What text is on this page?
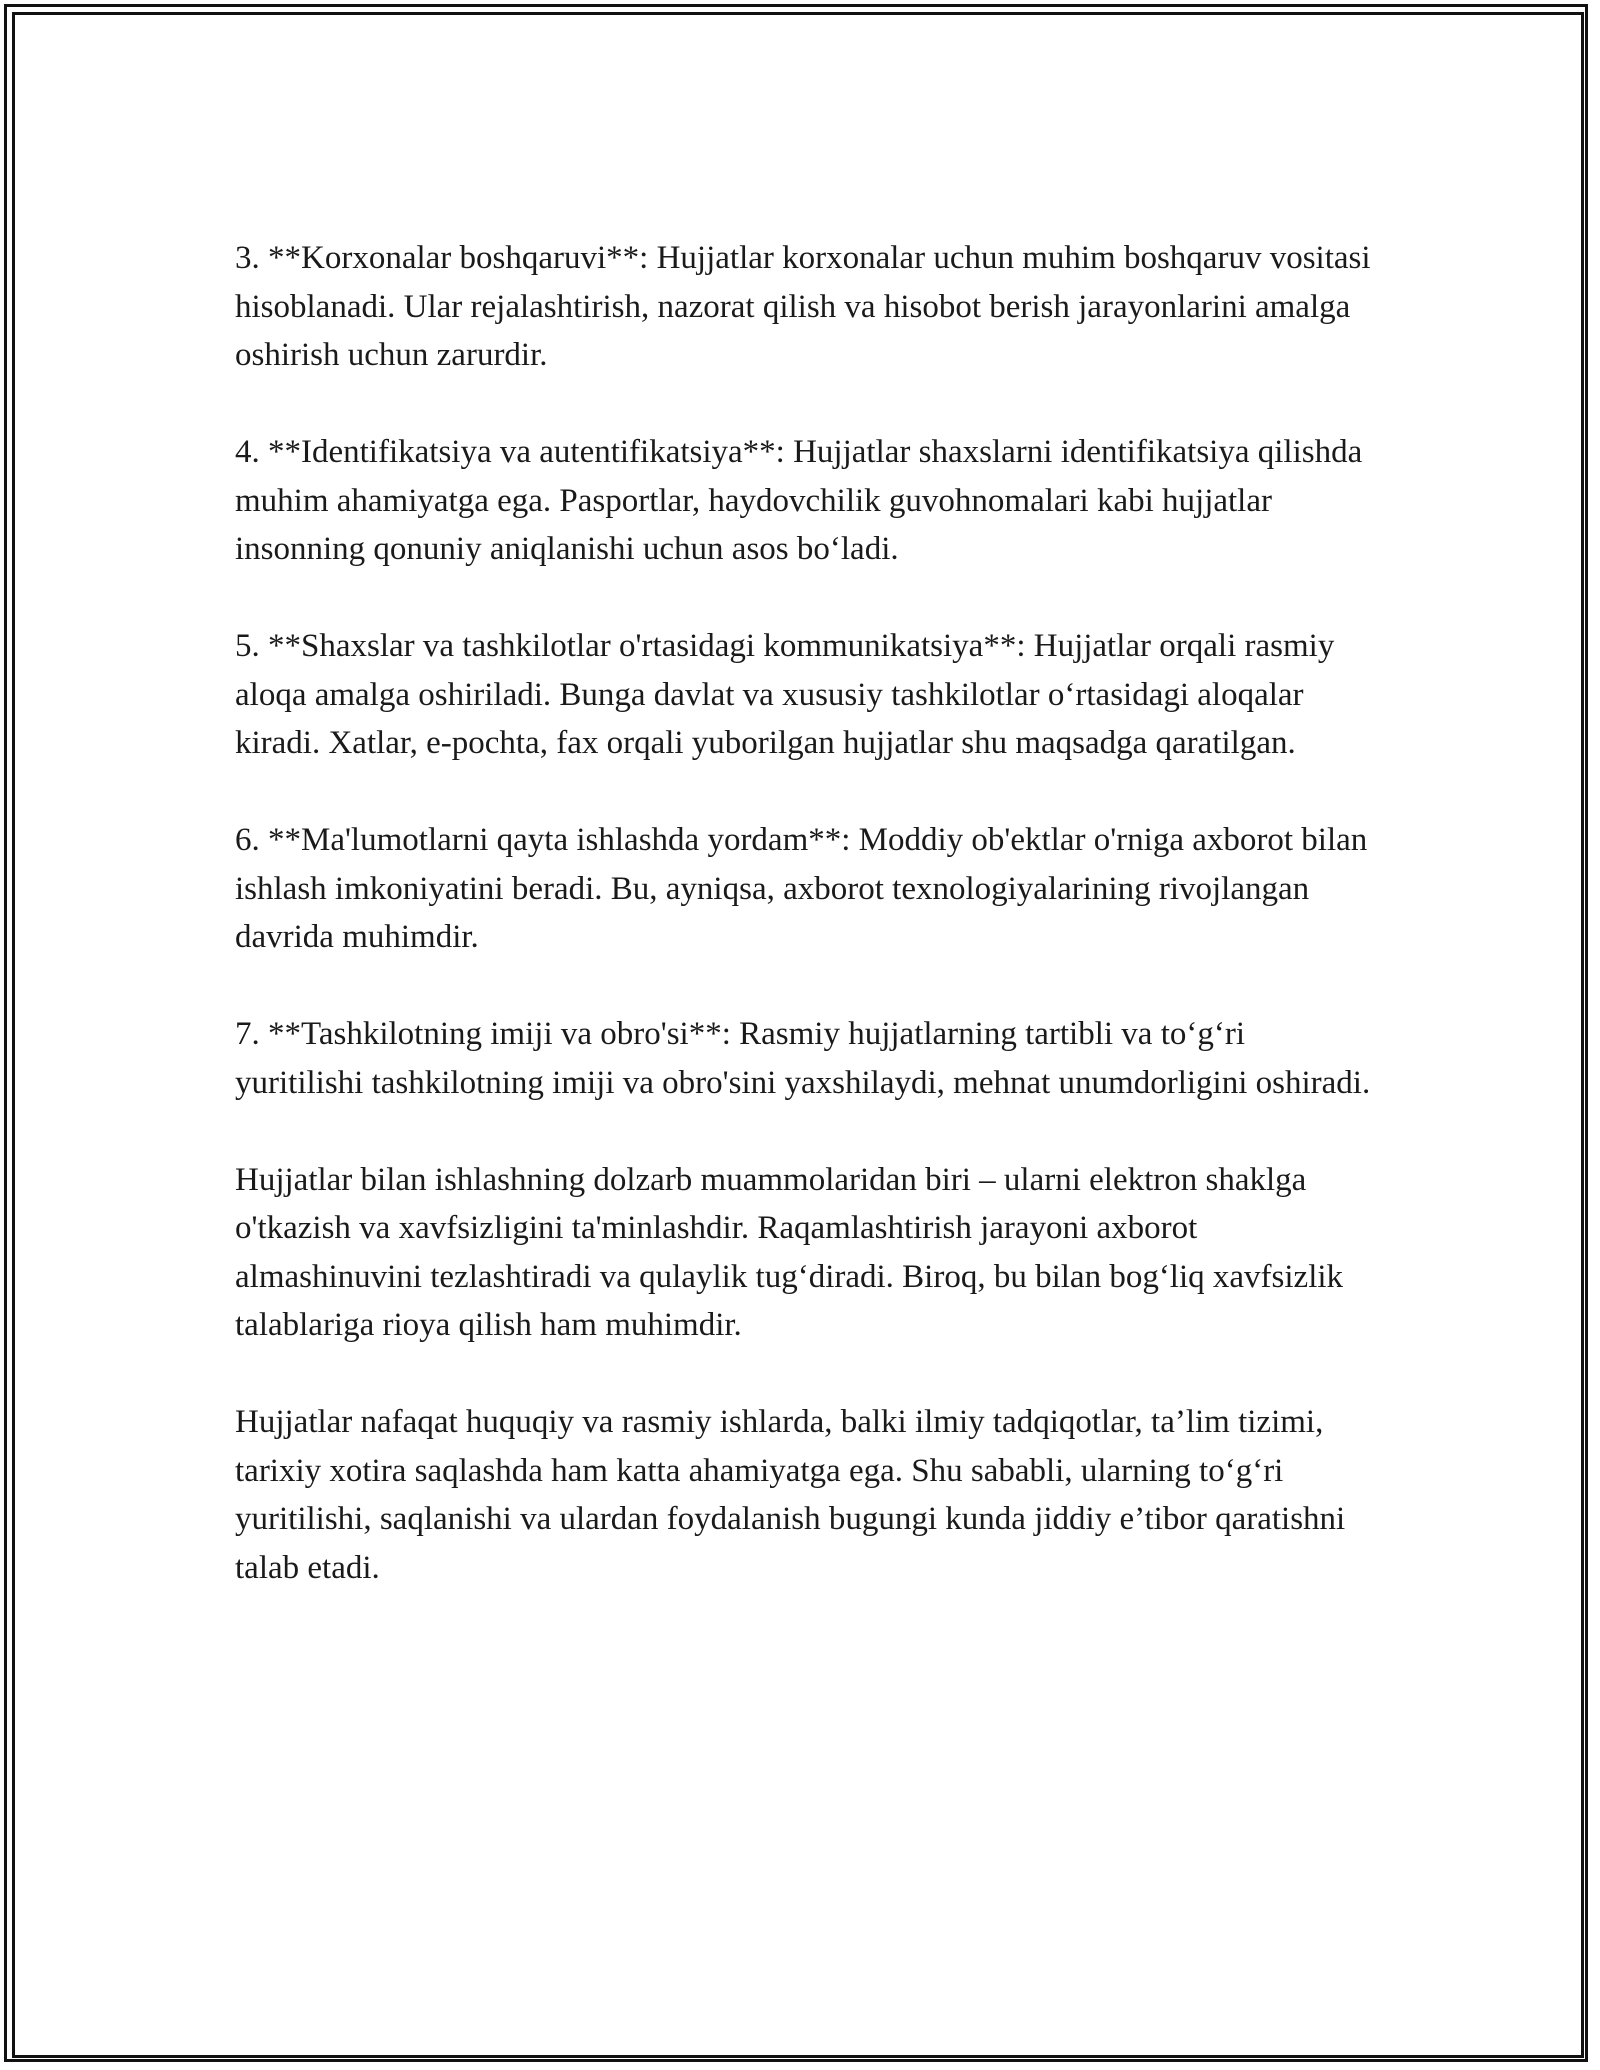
3. **Korxonalar boshqaruvi**: Hujjatlar korxonalar uchun muhim boshqaruv vositasi hisoblanadi. Ular rejalashtirish, nazorat qilish va hisobot berish jarayonlarini amalga oshirish uchun zarurdir.

4. **Identifikatsiya va autentifikatsiya**: Hujjatlar shaxslarni identifikatsiya qilishda muhim ahamiyatga ega. Pasportlar, haydovchilik guvohnomalari kabi hujjatlar insonning qonuniy aniqlanishi uchun asos bo‘ladi.

5. **Shaxslar va tashkilotlar o'rtasidagi kommunikatsiya**: Hujjatlar orqali rasmiy aloqa amalga oshiriladi. Bunga davlat va xususiy tashkilotlar o‘rtasidagi aloqalar kiradi. Xatlar, e-pochta, fax orqali yuborilgan hujjatlar shu maqsadga qaratilgan.

6. **Ma'lumotlarni qayta ishlashda yordam**: Moddiy ob'ektlar o'rniga axborot bilan ishlash imkoniyatini beradi. Bu, ayniqsa, axborot texnologiyalarining rivojlangan davrida muhimdir.

7. **Tashkilotning imiji va obro'si**: Rasmiy hujjatlarning tartibli va to‘g‘ri yuritilishi tashkilotning imiji va obro'sini yaxshilaydi, mehnat unumdorligini oshiradi.

Hujjatlar bilan ishlashning dolzarb muammolaridan biri – ularni elektron shaklga o'tkazish va xavfsizligini ta'minlashdir. Raqamlashtirish jarayoni axborot almashinuvini tezlashtiradi va qulaylik tug‘diradi. Biroq, bu bilan bog‘liq xavfsizlik talablariga rioya qilish ham muhimdir.

Hujjatlar nafaqat huquqiy va rasmiy ishlarda, balki ilmiy tadqiqotlar, ta’lim tizimi, tarixiy xotira saqlashda ham katta ahamiyatga ega. Shu sababli, ularning to‘g‘ri yuritilishi, saqlanishi va ulardan foydalanish bugungi kunda jiddiy e’tibor qaratishni talab etadi.
